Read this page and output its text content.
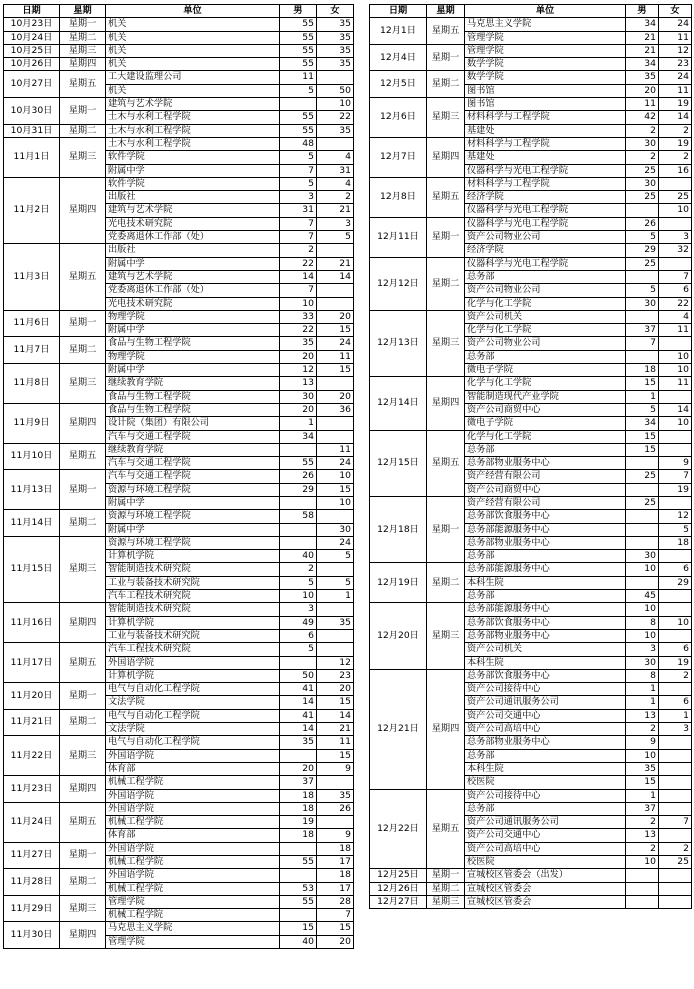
日期	星期	单位	男	女
10月23日	星期一	机关	55	35
10月24日	星期二	机关	55	35
10月25日	星期三	机关	55	35
10月26日	星期四	机关	55	35
10月27日	星期五	工大建设监理公司	11	
		机关	5	50
10月30日	星期一	建筑与艺术学院		10
		土木与水利工程学院	55	22
10月31日	星期二	土木与水利工程学院	55	35
11月1日	星期三	土木与水利工程学院	48	
		软件学院	5	4
		附属中学	7	31
11月2日	星期四	软件学院	5	4
		出版社	3	2
		建筑与艺术学院	31	21
		光电技术研究院	7	3
		党委离退休工作部（处）	7	5
11月3日	星期五	出版社	2	
		附属中学	22	21
		建筑与艺术学院	14	14
		党委离退休工作部（处）	7	
		光电技术研究院	10	
11月6日	星期一	物理学院	33	20
		附属中学	22	15
11月7日	星期二	食品与生物工程学院	35	24
		物理学院	20	11
11月8日	星期三	附属中学	12	15
		继续教育学院	13	
		食品与生物工程学院	30	20
11月9日	星期四	食品与生物工程学院	20	36
		设计院（集团）有限公司	1	
		汽车与交通工程学院	34	
11月10日	星期五	继续教育学院		11
		汽车与交通工程学院	55	24
11月13日	星期一	汽车与交通工程学院	26	10
		资源与环境工程学院	29	15
		附属中学		10
11月14日	星期二	资源与环境工程学院	58	
		附属中学		30
11月15日	星期三	资源与环境工程学院		24
		计算机学院	40	5
		智能制造技术研究院	2	
		工业与装备技术研究院	5	5
		汽车工程技术研究院	10	1
11月16日	星期四	智能制造技术研究院	3	
		计算机学院	49	35
		工业与装备技术研究院	6	
11月17日	星期五	汽车工程技术研究院	5	
		外国语学院		12
		计算机学院	50	23
11月20日	星期一	电气与自动化工程学院	41	20
		文法学院	14	15
11月21日	星期二	电气与自动化工程学院	41	14
		文法学院	14	21
11月22日	星期三	电气与自动化工程学院	35	11
		外国语学院		15
		体育部	20	9
11月23日	星期四	机械工程学院	37	
		外国语学院	18	35
11月24日	星期五	外国语学院	18	26
		机械工程学院	19	
		体育部	18	9
11月27日	星期一	外国语学院		18
		机械工程学院	55	17
11月28日	星期二	外国语学院		18
		机械工程学院	53	17
11月29日	星期三	管理学院	55	28
		机械工程学院		7
11月30日	星期四	马克思主义学院	15	15
		管理学院	40	20
日期	星期	单位	男	女
12月1日	星期五	马克思主义学院	34	24
		管理学院	21	11
12月4日	星期一	管理学院	21	12
		数学学院	34	23
12月5日	星期二	数学学院	35	24
		图书馆	20	11
12月6日	星期三	图书馆	11	19
		材料科学与工程学院	42	14
		基建处	2	2
12月7日	星期四	材料科学与工程学院	30	19
		基建处	2	2
		仪器科学与光电工程学院	25	16
12月8日	星期五	材料科学与工程学院	30	
		经济学院	25	25
		仪器科学与光电工程学院		10
12月11日	星期一	仪器科学与光电工程学院	26	
		资产公司物业公司	5	3
		经济学院	29	32
12月12日	星期二	仪器科学与光电工程学院	25	
		总务部		7
		资产公司物业公司	5	6
		化学与化工学院	30	22
12月13日	星期三	资产公司机关		4
		化学与化工学院	37	11
		资产公司物业公司	7	
		总务部		10
		微电子学院	18	10
12月14日	星期四	化学与化工学院	15	11
		智能制造现代产业学院	1	
		资产公司商贸中心	5	14
		微电子学院	34	10
12月15日	星期五	化学与化工学院	15	
		总务部	15	
		总务部物业服务中心		9
		资产经营有限公司	25	7
		资产公司商贸中心		19
12月18日	星期一	资产经营有限公司	25	
		总务部饮食服务中心		12
		总务部能源服务中心		5
		总务部物业服务中心		18
		总务部	30	
12月19日	星期二	总务部能源服务中心	10	6
		本科生院		29
		总务部	45	
12月20日	星期三	总务部能源服务中心	10	
		总务部饮食服务中心	8	10
		总务部物业服务中心	10	
		资产公司机关	3	6
		本科生院	30	19
12月21日	星期四	总务部饮食服务中心	8	2
		资产公司接待中心	1	
		资产公司通讯服务公司	1	6
		资产公司交通中心	13	1
		资产公司高培中心	2	3
		总务部物业服务中心	9	
		总务部	10	
		本科生院	35	
		校医院	15	
12月22日	星期五	资产公司接待中心	1	
		总务部	37	
		资产公司通讯服务公司	2	7
		资产公司交通中心	13	
		资产公司高培中心	2	2
		校医院	10	25
12月25日	星期一	宣城校区管委会（出发）		
12月26日	星期二	宣城校区管委会		
12月27日	星期三	宣城校区管委会		
